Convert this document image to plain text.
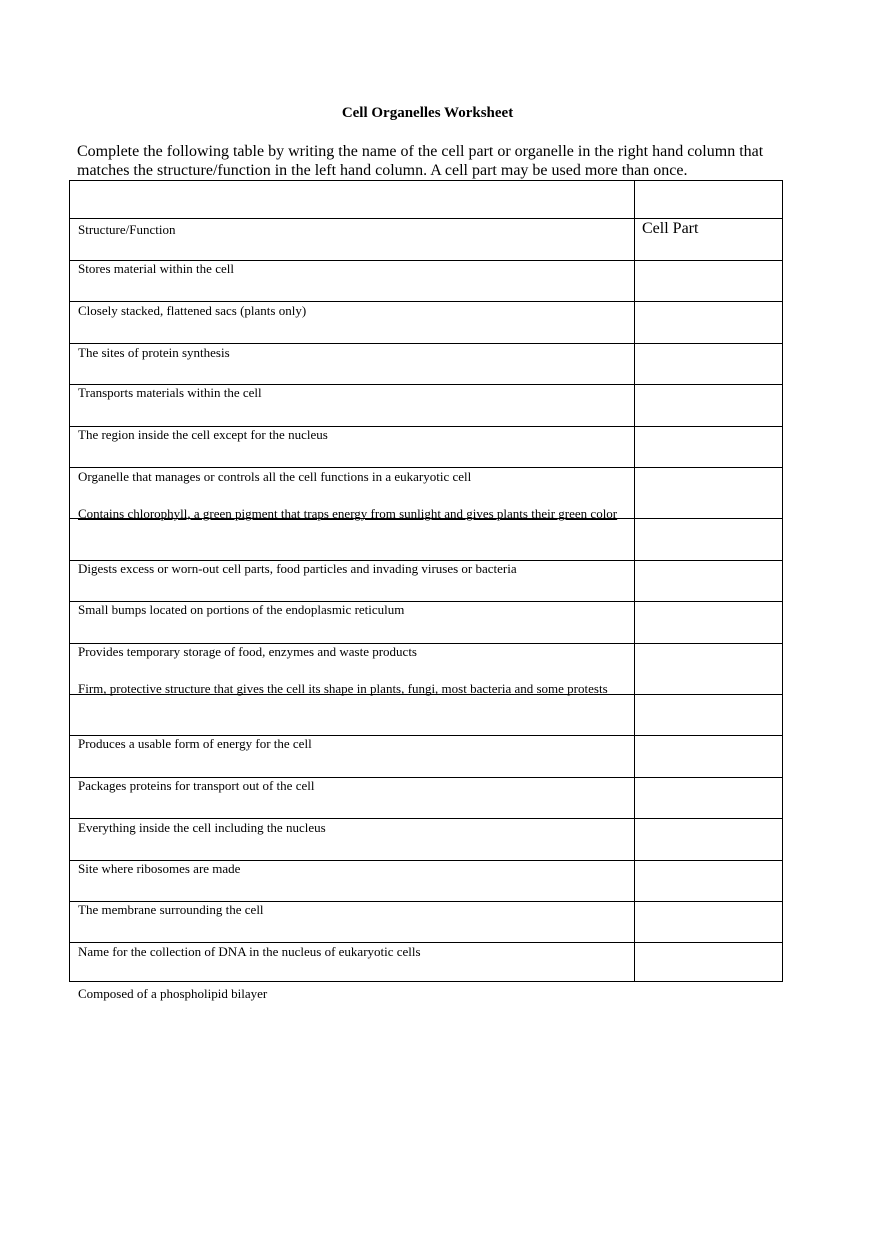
Cell Organelles Worksheet

Complete the following table by writing the name of the cell part or organelle in the right hand column that matches the structure/function in the left hand column. A cell part may be used more than once.

Structure/Function	Cell Part
Stores material within the cell
Closely stacked, flattened sacs (plants only)
The sites of protein synthesis
Transports materials within the cell
The region inside the cell except for the nucleus
Organelle that manages or controls all the cell functions in a eukaryotic cell
Contains chlorophyll, a green pigment that traps energy from sunlight and gives plants their green color
Digests excess or worn-out cell parts, food particles and invading viruses or bacteria
Small bumps located on portions of the endoplasmic reticulum
Provides temporary storage of food, enzymes and waste products
Firm, protective structure that gives the cell its shape in plants, fungi, most bacteria and some protests
Produces a usable form of energy for the cell
Packages proteins for transport out of the cell
Everything inside the cell including the nucleus
Site where ribosomes are made
The membrane surrounding the cell
Name for the collection of DNA in the nucleus of eukaryotic cells
Composed of a phospholipid bilayer
